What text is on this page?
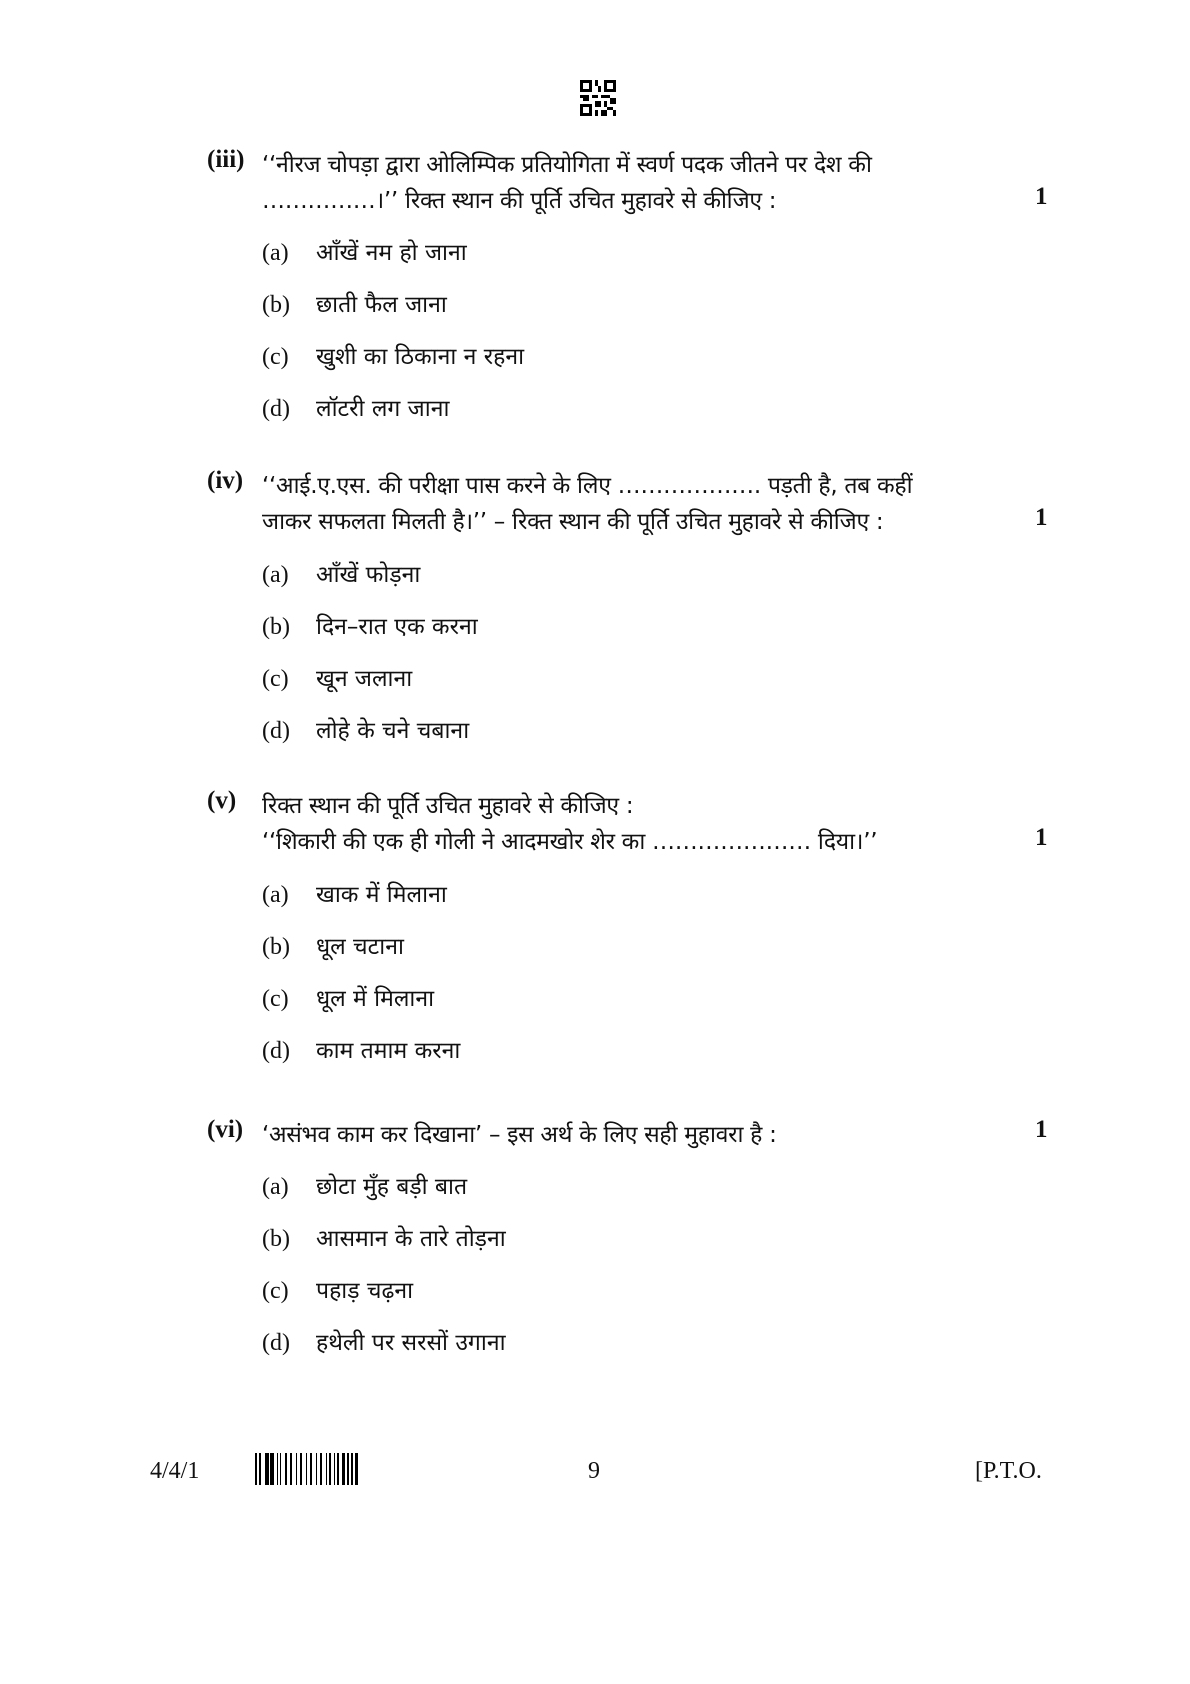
(iii) ‘‘नीरज चोपड़ा द्वारा ओलिम्पिक प्रतियोगिता में स्वर्ण पदक जीतने पर देश की
……………।’’ रिक्त स्थान की पूर्ति उचित मुहावरे से कीजिए :	1
(a) आँखें नम हो जाना
(b) छाती फैल जाना
(c) खुशी का ठिकाना न रहना
(d) लॉटरी लग जाना
(iv) ‘‘आई.ए.एस. की परीक्षा पास करने के लिए ………………. पड़ती है, तब कहीं
जाकर सफलता मिलती है।’’ – रिक्त स्थान की पूर्ति उचित मुहावरे से कीजिए :	1
(a) आँखें फोड़ना
(b) दिन–रात एक करना
(c) खून जलाना
(d) लोहे के चने चबाना
(v) रिक्त स्थान की पूर्ति उचित मुहावरे से कीजिए :
‘‘शिकारी की एक ही गोली ने आदमखोर शेर का ………………… दिया।’’	1
(a) खाक में मिलाना
(b) धूल चटाना
(c) धूल में मिलाना
(d) काम तमाम करना
(vi) ‘असंभव काम कर दिखाना’ – इस अर्थ के लिए सही मुहावरा है :	1
(a) छोटा मुँह बड़ी बात
(b) आसमान के तारे तोड़ना
(c) पहाड़ चढ़ना
(d) हथेली पर सरसों उगाना
4/4/1	9	[P.T.O.
